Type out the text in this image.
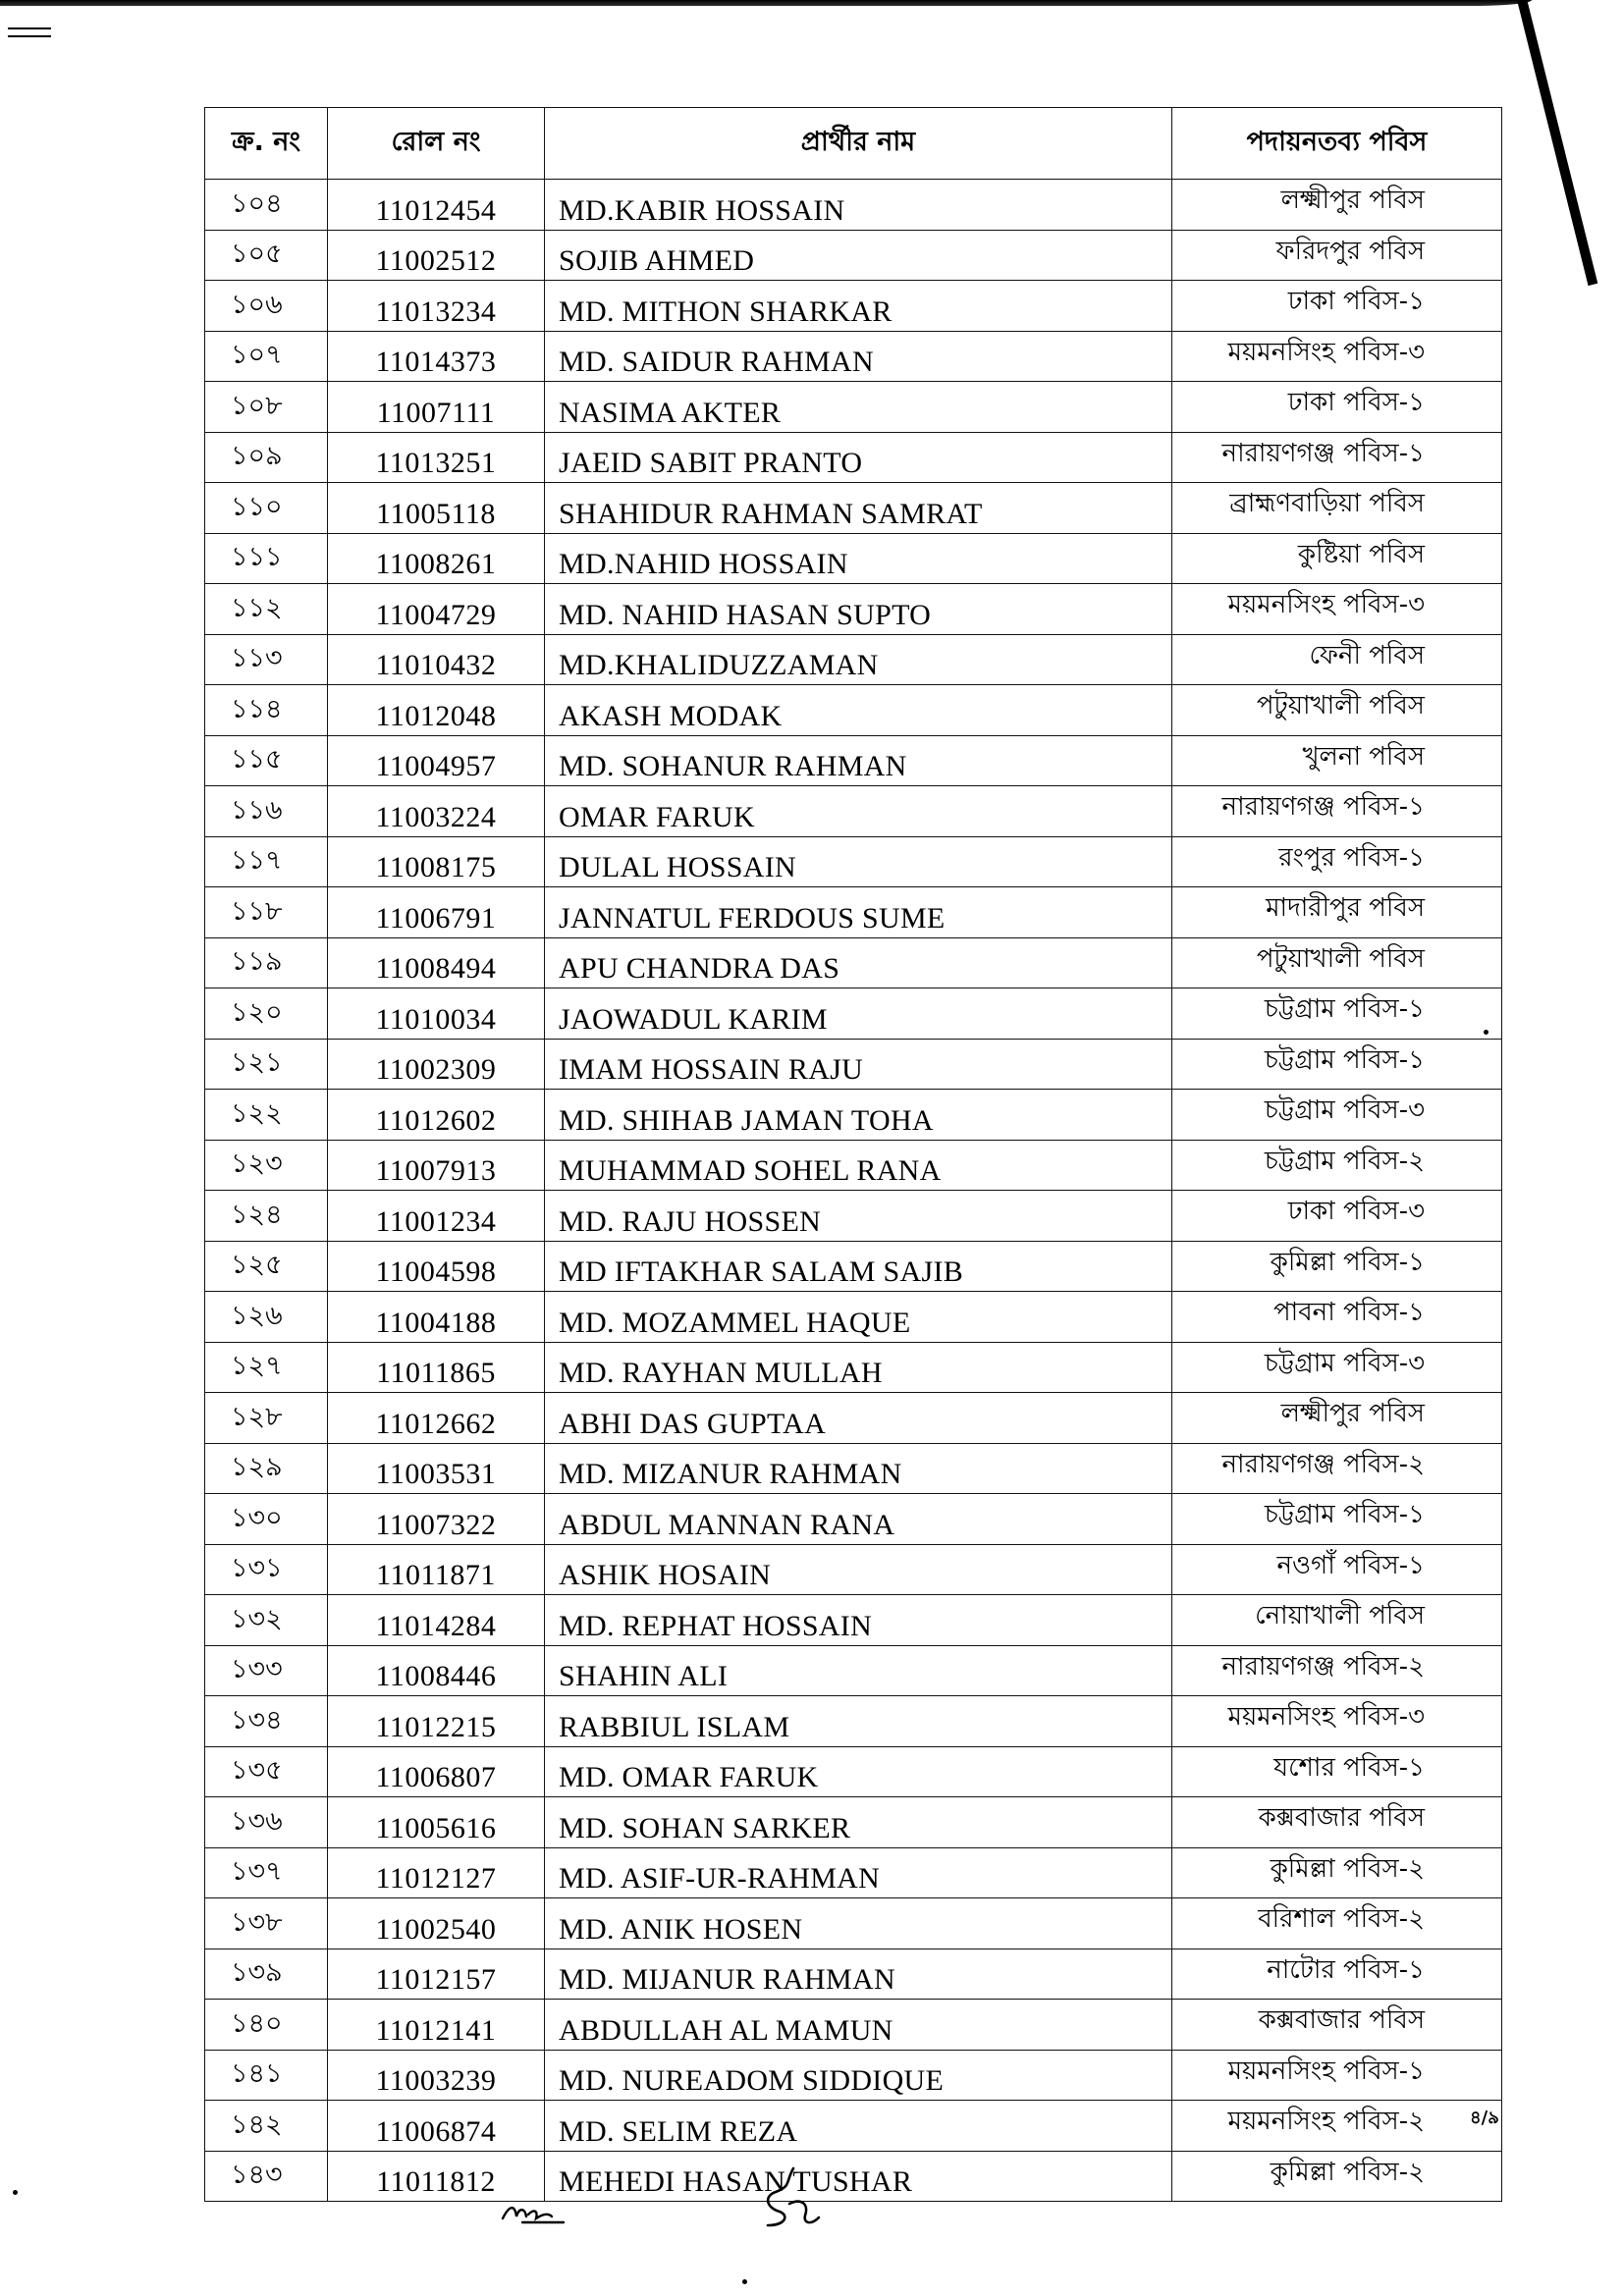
ক্র. নং	রোল নং	প্রার্থীর নাম	পদায়নতব্য পবিস
১০৪	11012454	MD.KABIR HOSSAIN	লক্ষ্মীপুর পবিস
১০৫	11002512	SOJIB AHMED	ফরিদপুর পবিস
১০৬	11013234	MD. MITHON SHARKAR	ঢাকা পবিস-১
১০৭	11014373	MD. SAIDUR RAHMAN	ময়মনসিংহ পবিস-৩
১০৮	11007111	NASIMA AKTER	ঢাকা পবিস-১
১০৯	11013251	JAEID SABIT PRANTO	নারায়ণগঞ্জ পবিস-১
১১০	11005118	SHAHIDUR RAHMAN SAMRAT	ব্রাহ্মণবাড়িয়া পবিস
১১১	11008261	MD.NAHID HOSSAIN	কুষ্টিয়া পবিস
১১২	11004729	MD. NAHID HASAN SUPTO	ময়মনসিংহ পবিস-৩
১১৩	11010432	MD.KHALIDUZZAMAN	ফেনী পবিস
১১৪	11012048	AKASH MODAK	পটুয়াখালী পবিস
১১৫	11004957	MD. SOHANUR RAHMAN	খুলনা পবিস
১১৬	11003224	OMAR FARUK	নারায়ণগঞ্জ পবিস-১
১১৭	11008175	DULAL HOSSAIN	রংপুর পবিস-১
১১৮	11006791	JANNATUL FERDOUS SUME	মাদারীপুর পবিস
১১৯	11008494	APU CHANDRA DAS	পটুয়াখালী পবিস
১২০	11010034	JAOWADUL KARIM	চট্টগ্রাম পবিস-১
১২১	11002309	IMAM HOSSAIN RAJU	চট্টগ্রাম পবিস-১
১২২	11012602	MD. SHIHAB JAMAN TOHA	চট্টগ্রাম পবিস-৩
১২৩	11007913	MUHAMMAD SOHEL RANA	চট্টগ্রাম পবিস-২
১২৪	11001234	MD. RAJU HOSSEN	ঢাকা পবিস-৩
১২৫	11004598	MD IFTAKHAR SALAM SAJIB	কুমিল্লা পবিস-১
১২৬	11004188	MD. MOZAMMEL HAQUE	পাবনা পবিস-১
১২৭	11011865	MD. RAYHAN MULLAH	চট্টগ্রাম পবিস-৩
১২৮	11012662	ABHI DAS GUPTAA	লক্ষ্মীপুর পবিস
১২৯	11003531	MD. MIZANUR RAHMAN	নারায়ণগঞ্জ পবিস-২
১৩০	11007322	ABDUL MANNAN RANA	চট্টগ্রাম পবিস-১
১৩১	11011871	ASHIK HOSAIN	নওগাঁ পবিস-১
১৩২	11014284	MD. REPHAT HOSSAIN	নোয়াখালী পবিস
১৩৩	11008446	SHAHIN ALI	নারায়ণগঞ্জ পবিস-২
১৩৪	11012215	RABBIUL ISLAM	ময়মনসিংহ পবিস-৩
১৩৫	11006807	MD. OMAR FARUK	যশোর পবিস-১
১৩৬	11005616	MD. SOHAN SARKER	কক্সবাজার পবিস
১৩৭	11012127	MD. ASIF-UR-RAHMAN	কুমিল্লা পবিস-২
১৩৮	11002540	MD. ANIK HOSEN	বরিশাল পবিস-২
১৩৯	11012157	MD. MIJANUR RAHMAN	নাটোর পবিস-১
১৪০	11012141	ABDULLAH AL MAMUN	কক্সবাজার পবিস
১৪১	11003239	MD. NUREADOM SIDDIQUE	ময়মনসিংহ পবিস-১
১৪২	11006874	MD. SELIM REZA	ময়মনসিংহ পবিস-২
১৪৩	11011812	MEHEDI HASAN TUSHAR	কুমিল্লা পবিস-২
৪/৯
